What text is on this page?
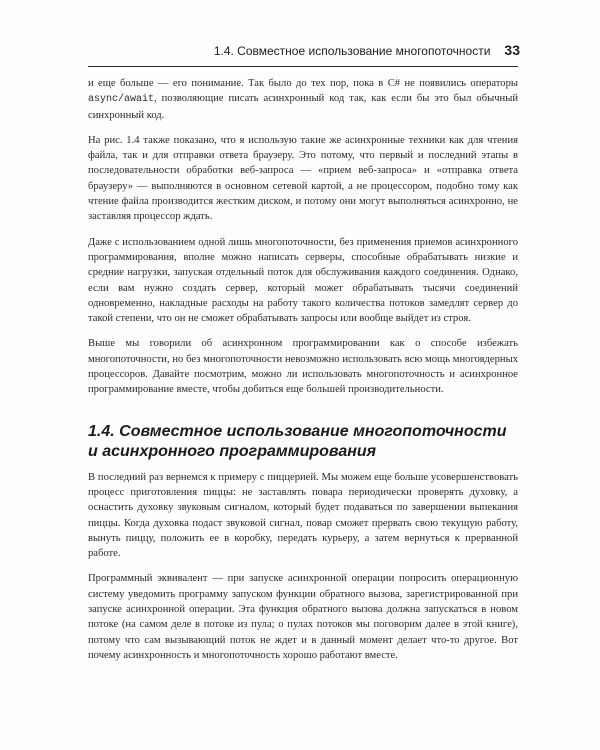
1.4. Совместное использование многопоточности 33

и еще больше — его понимание. Так было до тех пор, пока в C# не появились операторы async/await, позволяющие писать асинхронный код так, как если бы это был обычный синхронный код.

На рис. 1.4 также показано, что я использую такие же асинхронные техники как для чтения файла, так и для отправки ответа браузеру. Это потому, что первый и последний этапы в последовательности обработки веб-запроса — «прием веб-запроса» и «отправка ответа браузеру» — выполняются в основном сетевой картой, а не процессором, подобно тому как чтение файла производится жестким диском, и потому они могут выполняться асинхронно, не заставляя процессор ждать.

Даже с использованием одной лишь многопоточности, без применения приемов асинхронного программирования, вполне можно написать серверы, способные обрабатывать низкие и средние нагрузки, запуская отдельный поток для обслуживания каждого соединения. Однако, если вам нужно создать сервер, который может обрабатывать тысячи соединений одновременно, накладные расходы на работу такого количества потоков замедлят сервер до такой степени, что он не сможет обрабатывать запросы или вообще выйдет из строя.

Выше мы говорили об асинхронном программировании как о способе избежать многопоточности, но без многопоточности невозможно использовать всю мощь многоядерных процессоров. Давайте посмотрим, можно ли использовать многопоточность и асинхронное программирование вместе, чтобы добиться еще большей производительности.

1.4. Совместное использование многопоточности и асинхронного программирования

В последний раз вернемся к примеру с пиццерией. Мы можем еще больше усовершенствовать процесс приготовления пиццы: не заставлять повара периодически проверять духовку, а оснастить духовку звуковым сигналом, который будет подаваться по завершении выпекания пиццы. Когда духовка подаст звуковой сигнал, повар сможет прервать свою текущую работу, вынуть пиццу, положить ее в коробку, передать курьеру, а затем вернуться к прерванной работе.

Программный эквивалент — при запуске асинхронной операции попросить операционную систему уведомить программу запуском функции обратного вызова, зарегистрированной при запуске асинхронной операции. Эта функция обратного вызова должна запускаться в новом потоке (на самом деле в потоке из пула; о пулах потоков мы поговорим далее в этой книге), потому что сам вызывающий поток не ждет и в данный момент делает что-то другое. Вот почему асинхронность и многопоточность хорошо работают вместе.
